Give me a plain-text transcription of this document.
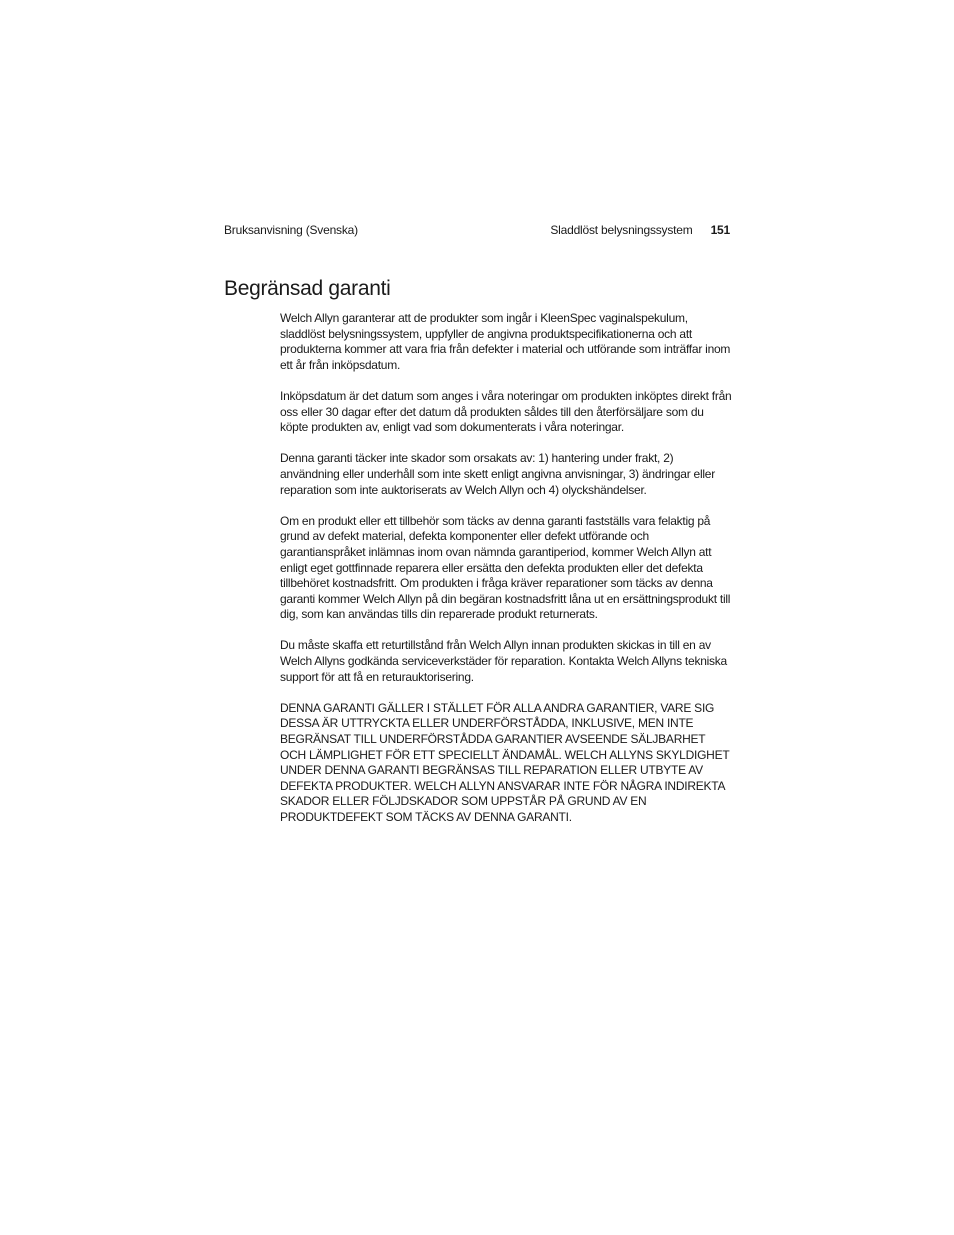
Bruksanvisning (Svenska)	Sladdlöst belysningssystem 151
Begränsad garanti

Welch Allyn garanterar att de produkter som ingår i KleenSpec vaginalspekulum, sladdlöst belysningssystem, uppfyller de angivna produktspecifikationerna och att produkterna kommer att vara fria från defekter i material och utförande som inträffar inom ett år från inköpsdatum.

Inköpsdatum är det datum som anges i våra noteringar om produkten inköptes direkt från oss eller 30 dagar efter det datum då produkten såldes till den återförsäljare som du köpte produkten av, enligt vad som dokumenterats i våra noteringar.

Denna garanti täcker inte skador som orsakats av: 1) hantering under frakt, 2) användning eller underhåll som inte skett enligt angivna anvisningar, 3) ändringar eller reparation som inte auktoriserats av Welch Allyn och 4) olyckshändelser.

Om en produkt eller ett tillbehör som täcks av denna garanti fastställs vara felaktig på grund av defekt material, defekta komponenter eller defekt utförande och garantianspråket inlämnas inom ovan nämnda garantiperiod, kommer Welch Allyn att enligt eget gottfinnade reparera eller ersätta den defekta produkten eller det defekta tillbehöret kostnadsfritt. Om produkten i fråga kräver reparationer som täcks av denna garanti kommer Welch Allyn på din begäran kostnadsfritt låna ut en ersättningsprodukt till dig, som kan användas tills din reparerade produkt returnerats.

Du måste skaffa ett returtillstånd från Welch Allyn innan produkten skickas in till en av Welch Allyns godkända serviceverkstäder för reparation. Kontakta Welch Allyns tekniska support för att få en returauktorisering.

DENNA GARANTI GÄLLER I STÄLLET FÖR ALLA ANDRA GARANTIER, VARE SIG DESSA ÄR UTTRYCKTA ELLER UNDERFÖRSTÅDDA, INKLUSIVE, MEN INTE BEGRÄNSAT TILL UNDERFÖRSTÅDDA GARANTIER AVSEENDE SÄLJBARHET OCH LÄMPLIGHET FÖR ETT SPECIELLT ÄNDAMÅL. WELCH ALLYNS SKYLDIGHET UNDER DENNA GARANTI BEGRÄNSAS TILL REPARATION ELLER UTBYTE AV DEFEKTA PRODUKTER. WELCH ALLYN ANSVARAR INTE FÖR NÅGRA INDIREKTA SKADOR ELLER FÖLJDSKADOR SOM UPPSTÅR PÅ GRUND AV EN PRODUKTDEFEKT SOM TÄCKS AV DENNA GARANTI.
